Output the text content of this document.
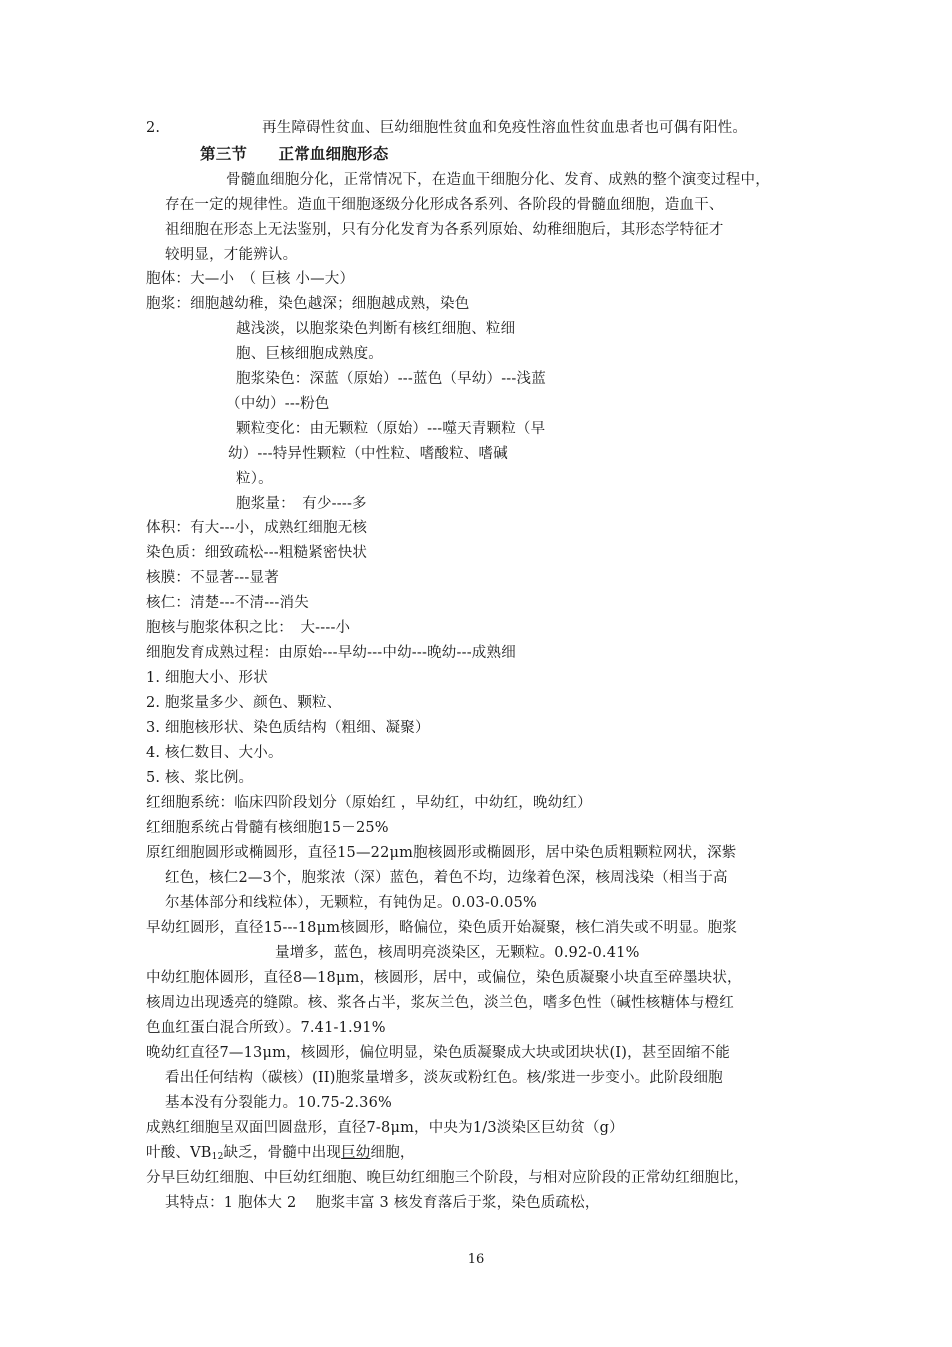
2.	再生障碍性贫血、巨幼细胞性贫血和免疫性溶血性贫血患者也可偶有阳性。
第三节　　正常血细胞形态
骨髓血细胞分化，正常情况下，在造血干细胞分化、发育、成熟的整个演变过程中，
存在一定的规律性。造血干细胞逐级分化形成各系列、各阶段的骨髓血细胞，造血干、
祖细胞在形态上无法鉴别，只有分化发育为各系列原始、幼稚细胞后，其形态学特征才
较明显，才能辨认。
胞体：大—小　（ 巨核 小—大）
胞浆：细胞越幼稚，染色越深；细胞越成熟，染色
越浅淡，以胞浆染色判断有核红细胞、粒细
胞、巨核细胞成熟度。
胞浆染色：深蓝（原始）---蓝色（早幼）---浅蓝
（中幼）---粉色
颗粒变化：由无颗粒（原始）---噬天青颗粒（早
幼）---特异性颗粒（中性粒、嗜酸粒、嗜碱
粒）。
胞浆量：　有少----多
体积：有大---小，成熟红细胞无核
染色质：细致疏松---粗糙紧密快状
核膜：不显著---显著
核仁：清楚---不清---消失
胞核与胞浆体积之比：　大----小
细胞发育成熟过程：由原始---早幼---中幼---晚幼---成熟细
1. 细胞大小、形状
2. 胞浆量多少、颜色、颗粒、
3. 细胞核形状、染色质结构（粗细、凝聚）
4. 核仁数目、大小。
5. 核、浆比例。
红细胞系统：临床四阶段划分（原始红 ，早幼红，中幼红，晚幼红）
红细胞系统占骨髓有核细胞15－25%
原红细胞圆形或椭圆形，直径15—22μm胞核圆形或椭圆形，居中染色质粗颗粒网状，深紫
红色，核仁2—3个，胞浆浓（深）蓝色，着色不均，边缘着色深，核周浅染（相当于高
尔基体部分和线粒体），无颗粒，有钝伪足。0.03-0.05%
早幼红圆形，直径15---18μm核圆形，略偏位，染色质开始凝聚，核仁消失或不明显。胞浆
量增多，蓝色，核周明亮淡染区，无颗粒。0.92-0.41%
中幼红胞体圆形，直径8—18μm，核圆形，居中，或偏位，染色质凝聚小块直至碎墨块状，
核周边出现透亮的缝隙。核、浆各占半，浆灰兰色，淡兰色，嗜多色性（碱性核糖体与橙红
色血红蛋白混合所致）。7.41-1.91%
晚幼红直径7—13μm，核圆形，偏位明显，染色质凝聚成大块或团块状(I)，甚至固缩不能
看出任何结构（碳核）(II)胞浆量增多，淡灰或粉红色。核/浆进一步变小。此阶段细胞
基本没有分裂能力。10.75-2.36%
成熟红细胞呈双面凹圆盘形，直径7-8μm，中央为1/3淡染区巨幼贫（g）
叶酸、$VB_{12}$缺乏，骨髓中出现巨幼细胞，
分早巨幼红细胞、中巨幼红细胞、晚巨幼红细胞三个阶段，与相对应阶段的正常幼红细胞比，
其特点：1 胞体大 2　 胞浆丰富 3 核发育落后于浆，染色质疏松，
16
